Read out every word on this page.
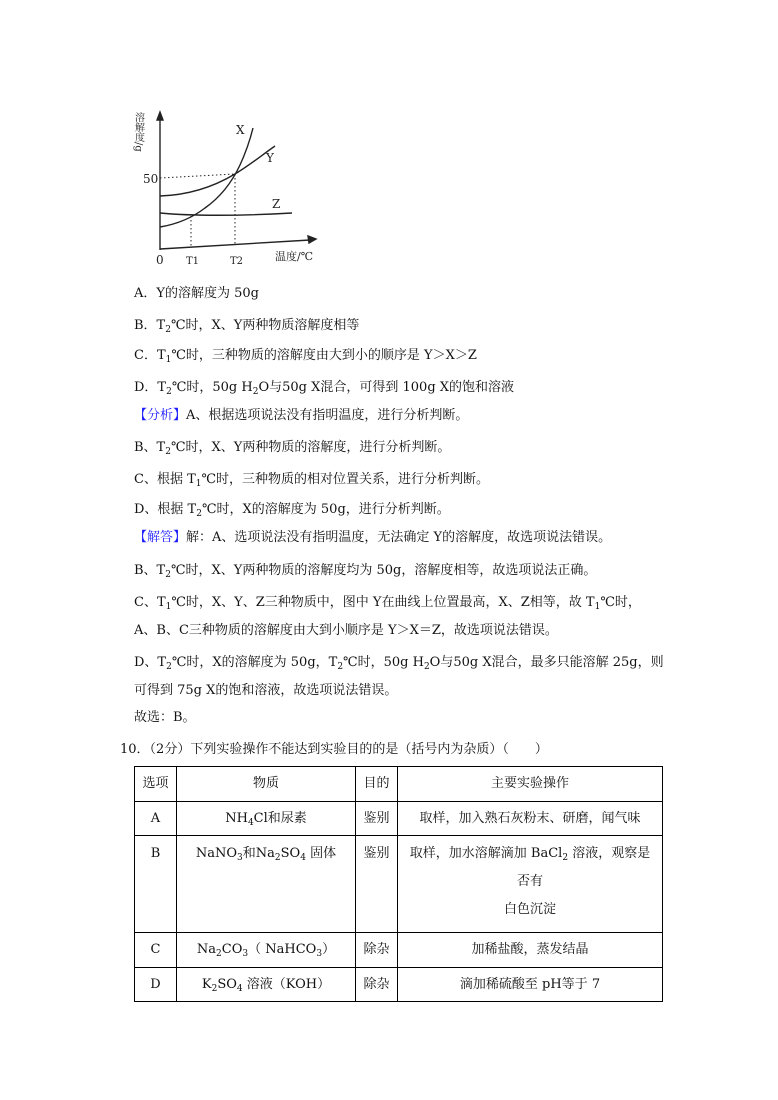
50
0 T1	T2	温度/℃
溶解度/g	X
Y
Z
A．Y的溶解度为 50g
B．$T_2℃$时，X、Y两种物质溶解度相等
C．$T_1℃$时，三种物质的溶解度由大到小的顺序是 Y＞X＞Z
D．$T_2℃$时，50g $H_2O$与50g X混合，可得到 100g X的饱和溶液
【分析】A、根据选项说法没有指明温度，进行分析判断。
B、$T_2℃$时，X、Y两种物质的溶解度，进行分析判断。
C、根据 $T_1℃$时，三种物质的相对位置关系，进行分析判断。
D、根据 $T_2℃$时，X的溶解度为 50g，进行分析判断。
【解答】解：A、选项说法没有指明温度，无法确定 Y的溶解度，故选项说法错误。
B、$T_2℃$时，X、Y两种物质的溶解度均为 50g，溶解度相等，故选项说法正确。
C、$T_1℃$时，X、Y、Z三种物质中，图中 Y在曲线上位置最高，X、Z相等，故 $T_1℃$时，
A、B、C三种物质的溶解度由大到小顺序是 Y＞X＝Z，故选项说法错误。
D、$T_2℃$时，X的溶解度为 50g，$T_2℃$时，50g $H_2O$与50g X混合，最多只能溶解 25g，则
可得到 75g X的饱和溶液，故选项说法错误。
故选：B。
10．（2分）下列实验操作不能达到实验目的的是（括号内为杂质）（　　）
选项	物质	目的	主要实验操作
A	$NH_4Cl$和尿素	鉴别	取样，加入熟石灰粉末、研磨，闻气味
B	NaNO$_3$和$Na_2SO_4$ 固体	鉴别	取样，加水溶解滴加 BaCl$_2$ 溶液，观察是
否有
白色沉淀
C	$Na_2CO_3$（ NaHCO$_3$）	除杂	加稀盐酸，蒸发结晶
D	$K_2SO_4$ 溶液（KOH）	除杂	滴加稀硫酸至 pH等于 7
